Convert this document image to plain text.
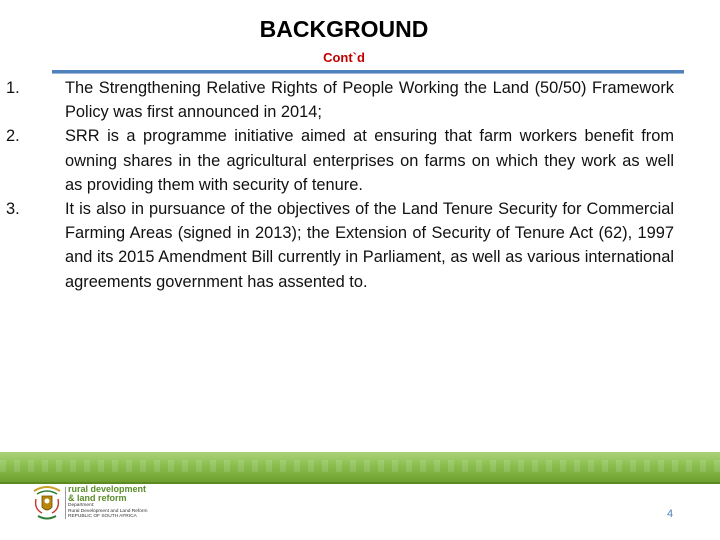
BACKGROUND
Cont`d
1.	The Strengthening Relative Rights of People Working the Land (50/50) Framework Policy was first announced in 2014;
2.	SRR is a programme initiative aimed at ensuring that farm workers benefit from owning shares in the agricultural enterprises on farms on which they work as well as providing them with security of tenure.
3.	It is also in pursuance of the objectives of the Land Tenure Security for Commercial Farming Areas (signed in 2013); the Extension of Security of Tenure Act (62), 1997 and its 2015 Amendment Bill currently in Parliament, as well as various international agreements government has assented to.
rural development
& land reform
Department:
Rural Development and Land Reform
REPUBLIC OF SOUTH AFRICA	4
